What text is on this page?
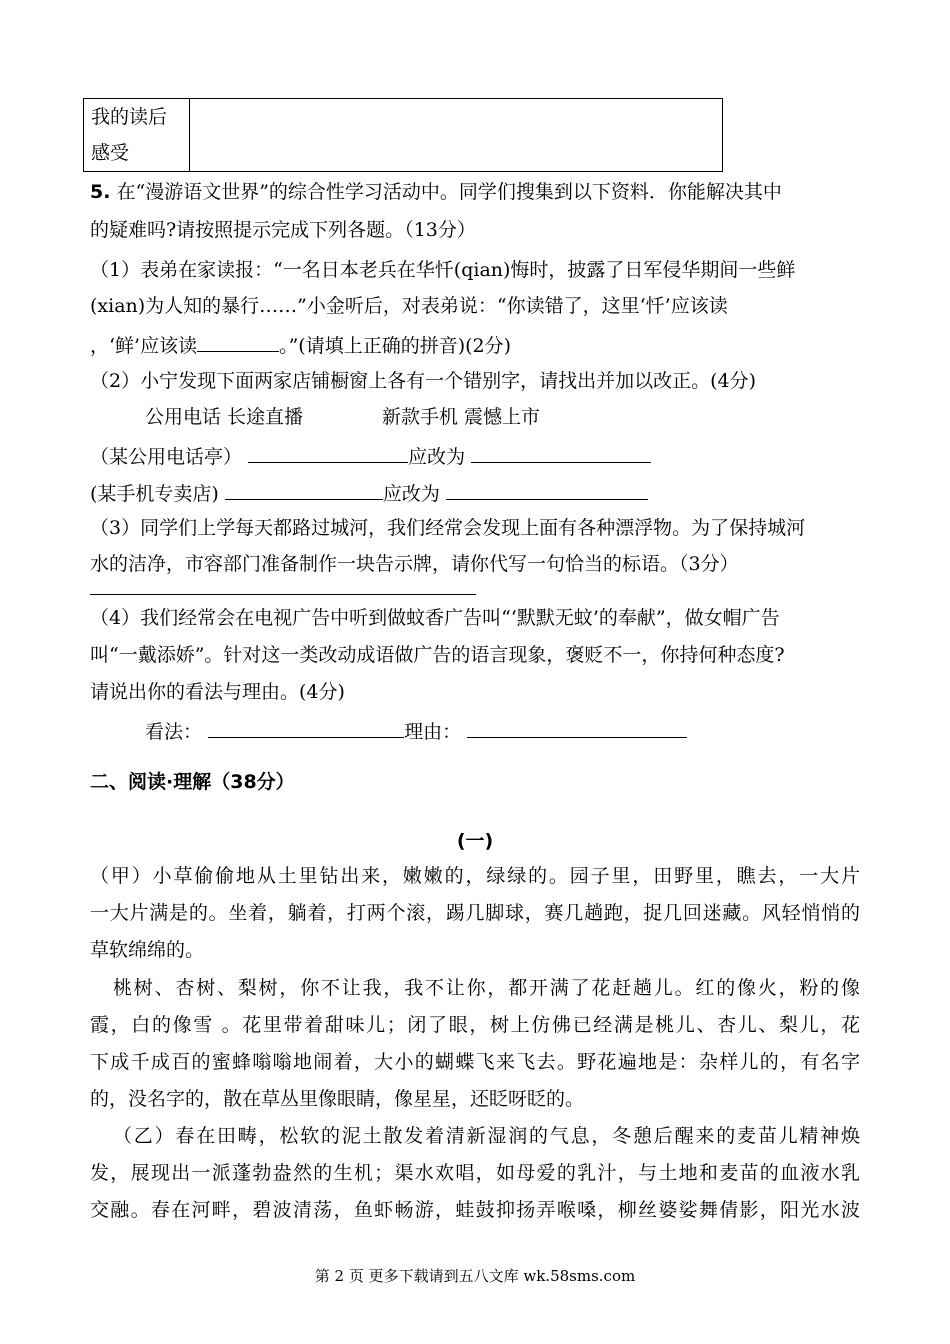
我的读后
感受

5. 在“漫游语文世界”的综合性学习活动中。同学们搜集到以下资料．你能解决其中
的疑难吗?请按照提示完成下列各题。（13分）
（1）表弟在家读报：“一名日本老兵在华忏(qian)悔时，披露了日军侵华期间一些鲜
(xian)为人知的暴行……”小金听后，对表弟说：“你读错了，这里‘忏’应该读
，‘鲜’应该读	。”(请填上正确的拼音)(2分)
（2）小宁发现下面两家店铺橱窗上各有一个错别字，请找出并加以改正。(4分)
公用电话 长途直播	新款手机 震憾上市
（某公用电话亭）	应改为
(某手机专卖店)	应改为
（3）同学们上学每天都路过城河，我们经常会发现上面有各种漂浮物。为了保持城河
水的洁净，市容部门准备制作一块告示牌，请你代写一句恰当的标语。（3分）
（4）我们经常会在电视广告中听到做蚊香广告叫“‘默默无蚊’的奉献”，做女帽广告
叫“一戴添娇”。针对这一类改动成语做广告的语言现象，褒贬不一，你持何种态度?
请说出你的看法与理由。(4分)
看法：	理由：
二、阅读·理解（38分）
(一)
（甲）小草偷偷地从土里钻出来，嫩嫩的，绿绿的。园子里，田野里，瞧去，一大片
一大片满是的。坐着，躺着，打两个滚，踢几脚球，赛几趟跑，捉几回迷藏。风轻悄悄的
草软绵绵的。
桃树、杏树、梨树，你不让我，我不让你，都开满了花赶趟儿。红的像火，粉的像
霞，白的像雪 。花里带着甜味儿；闭了眼，树上仿佛已经满是桃儿、杏儿、梨儿，花
下成千成百的蜜蜂嗡嗡地闹着，大小的蝴蝶飞来飞去。野花遍地是：杂样儿的，有名字
的，没名字的，散在草丛里像眼睛，像星星，还眨呀眨的。
（乙）春在田畴，松软的泥土散发着清新湿润的气息，冬憩后醒来的麦苗儿精神焕
发，展现出一派蓬勃盎然的生机；渠水欢唱，如母爱的乳汁，与土地和麦苗的血液水乳
交融。春在河畔，碧波清荡，鱼虾畅游，蛙鼓抑扬弄喉嗓，柳丝婆娑舞倩影，阳光水波
第 2 页 更多下载请到五八文库 wk.58sms.com
